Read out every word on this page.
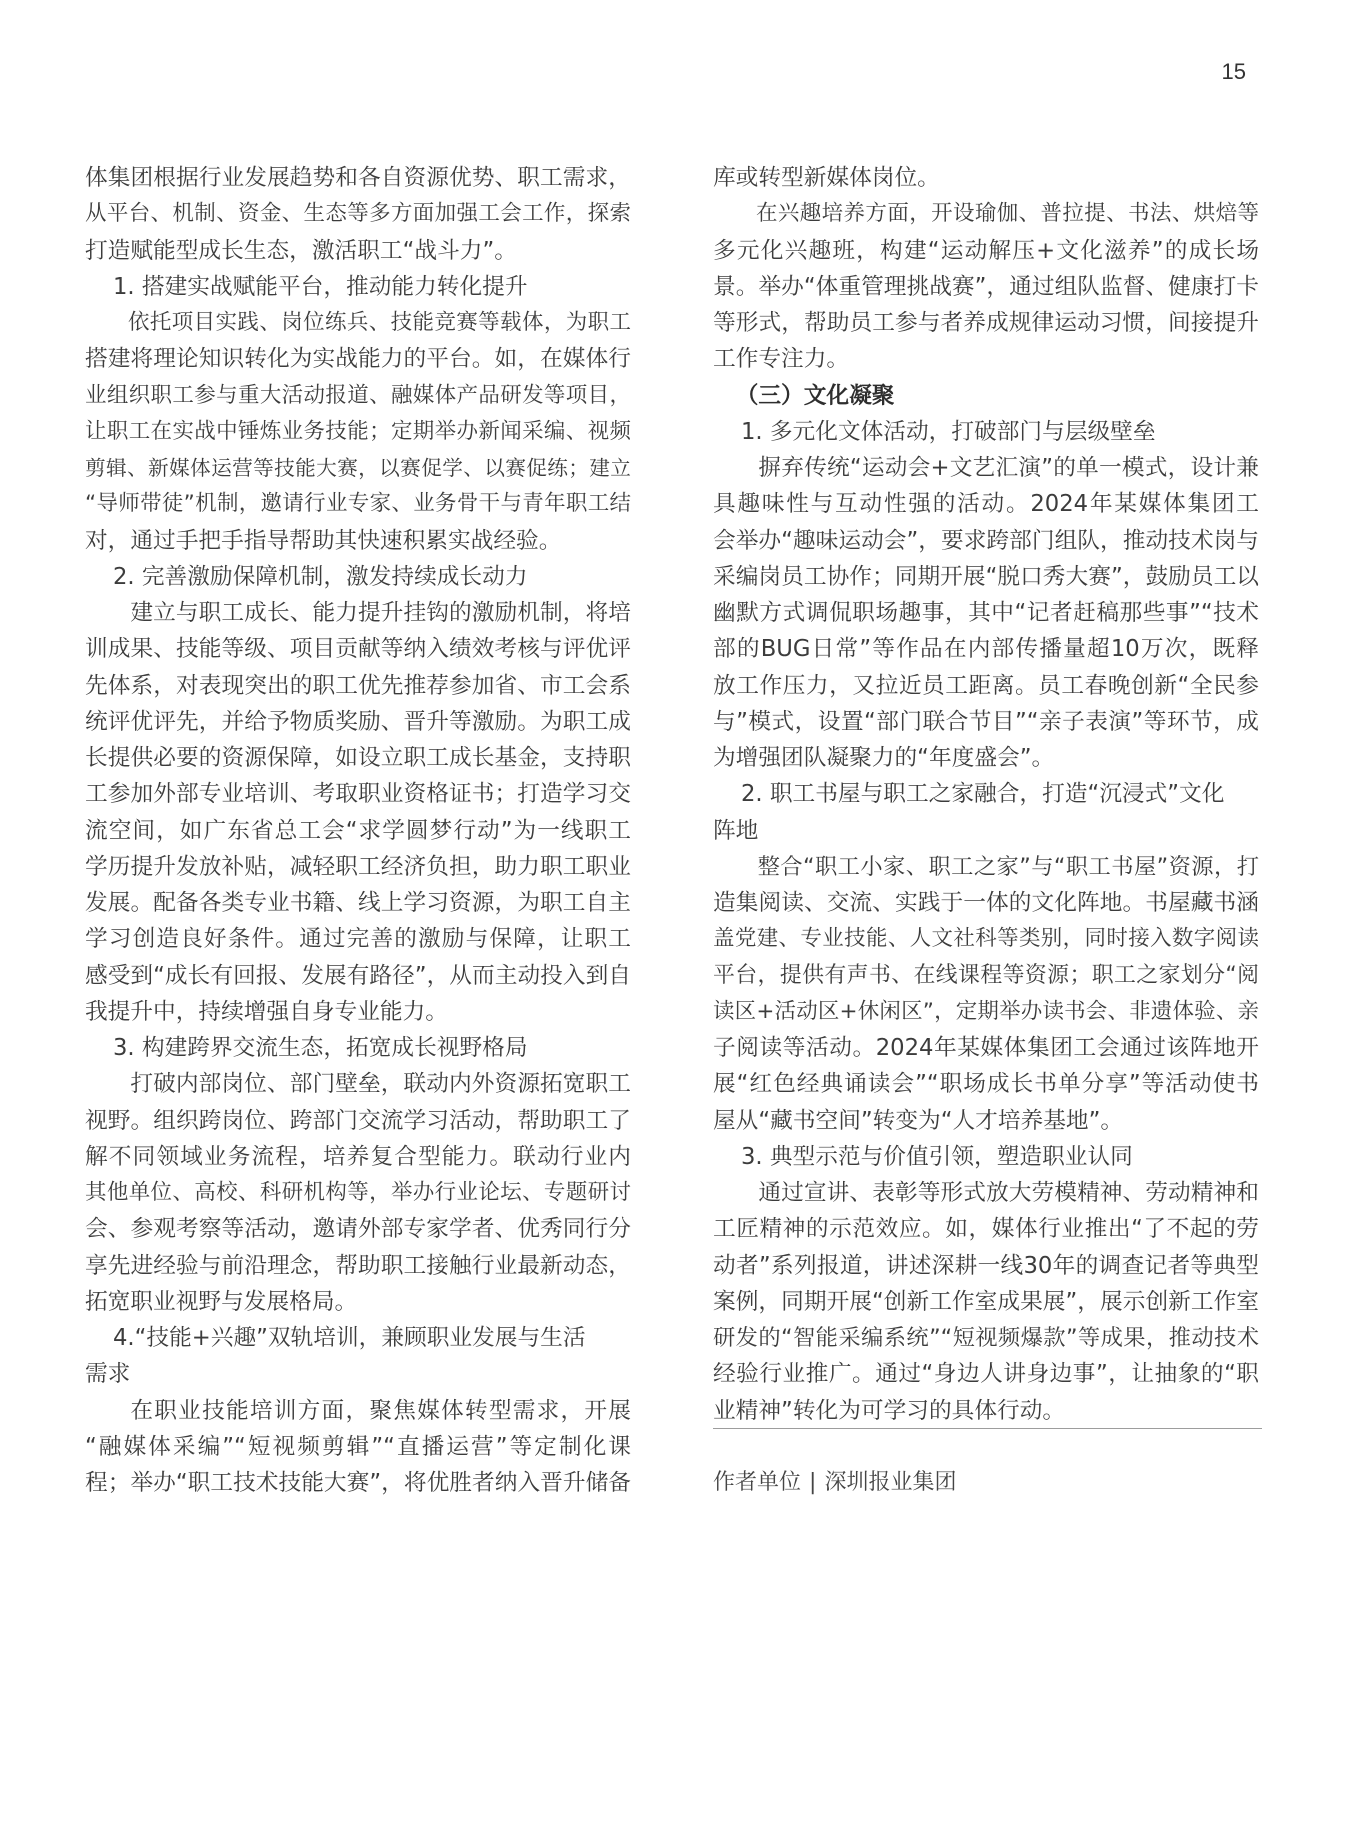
15
体集团根据行业发展趋势和各自资源优势、职工需求，
从平台、机制、资金、生态等多方面加强工会工作，探索
打造赋能型成长生态，激活职工“战斗力”。
1. 搭建实战赋能平台，推动能力转化提升
依托项目实践、岗位练兵、技能竞赛等载体，为职工
搭建将理论知识转化为实战能力的平台。如，在媒体行
业组织职工参与重大活动报道、融媒体产品研发等项目，
让职工在实战中锤炼业务技能；定期举办新闻采编、视频
剪辑、新媒体运营等技能大赛，以赛促学、以赛促练；建立
“导师带徒”机制，邀请行业专家、业务骨干与青年职工结
对，通过手把手指导帮助其快速积累实战经验。
2. 完善激励保障机制，激发持续成长动力
建立与职工成长、能力提升挂钩的激励机制，将培
训成果、技能等级、项目贡献等纳入绩效考核与评优评
先体系，对表现突出的职工优先推荐参加省、市工会系
统评优评先，并给予物质奖励、晋升等激励。为职工成
长提供必要的资源保障，如设立职工成长基金，支持职
工参加外部专业培训、考取职业资格证书；打造学习交
流空间，如广东省总工会“求学圆梦行动”为一线职工
学历提升发放补贴，减轻职工经济负担，助力职工职业
发展。配备各类专业书籍、线上学习资源，为职工自主
学习创造良好条件。通过完善的激励与保障，让职工
感受到“成长有回报、发展有路径”，从而主动投入到自
我提升中，持续增强自身专业能力。
3. 构建跨界交流生态，拓宽成长视野格局
打破内部岗位、部门壁垒，联动内外资源拓宽职工
视野。组织跨岗位、跨部门交流学习活动，帮助职工了
解不同领域业务流程，培养复合型能力。联动行业内
其他单位、高校、科研机构等，举办行业论坛、专题研讨
会、参观考察等活动，邀请外部专家学者、优秀同行分
享先进经验与前沿理念，帮助职工接触行业最新动态，
拓宽职业视野与发展格局。
4.“技能+兴趣”双轨培训，兼顾职业发展与生活
需求
在职业技能培训方面，聚焦媒体转型需求，开展
“融媒体采编”“短视频剪辑”“直播运营”等定制化课
程；举办“职工技术技能大赛”，将优胜者纳入晋升储备
库或转型新媒体岗位。
在兴趣培养方面，开设瑜伽、普拉提、书法、烘焙等
多元化兴趣班，构建“运动解压+文化滋养”的成长场
景。举办“体重管理挑战赛”，通过组队监督、健康打卡
等形式，帮助员工参与者养成规律运动习惯，间接提升
工作专注力。
（三）文化凝聚
1. 多元化文体活动，打破部门与层级壁垒
摒弃传统“运动会+文艺汇演”的单一模式，设计兼
具趣味性与互动性强的活动。2024年某媒体集团工
会举办“趣味运动会”，要求跨部门组队，推动技术岗与
采编岗员工协作；同期开展“脱口秀大赛”，鼓励员工以
幽默方式调侃职场趣事，其中“记者赶稿那些事”“技术
部的BUG日常”等作品在内部传播量超10万次，既释
放工作压力，又拉近员工距离。员工春晚创新“全民参
与”模式，设置“部门联合节目”“亲子表演”等环节，成
为增强团队凝聚力的“年度盛会”。
2. 职工书屋与职工之家融合，打造“沉浸式”文化
阵地
整合“职工小家、职工之家”与“职工书屋”资源，打
造集阅读、交流、实践于一体的文化阵地。书屋藏书涵
盖党建、专业技能、人文社科等类别，同时接入数字阅读
平台，提供有声书、在线课程等资源；职工之家划分“阅
读区+活动区+休闲区”，定期举办读书会、非遗体验、亲
子阅读等活动。2024年某媒体集团工会通过该阵地开
展“红色经典诵读会”“职场成长书单分享”等活动使书
屋从“藏书空间”转变为“人才培养基地”。
3. 典型示范与价值引领，塑造职业认同
通过宣讲、表彰等形式放大劳模精神、劳动精神和
工匠精神的示范效应。如，媒体行业推出“了不起的劳
动者”系列报道，讲述深耕一线30年的调查记者等典型
案例，同期开展“创新工作室成果展”，展示创新工作室
研发的“智能采编系统”“短视频爆款”等成果，推动技术
经验行业推广。通过“身边人讲身边事”，让抽象的“职
业精神”转化为可学习的具体行动。
作者单位 | 深圳报业集团
